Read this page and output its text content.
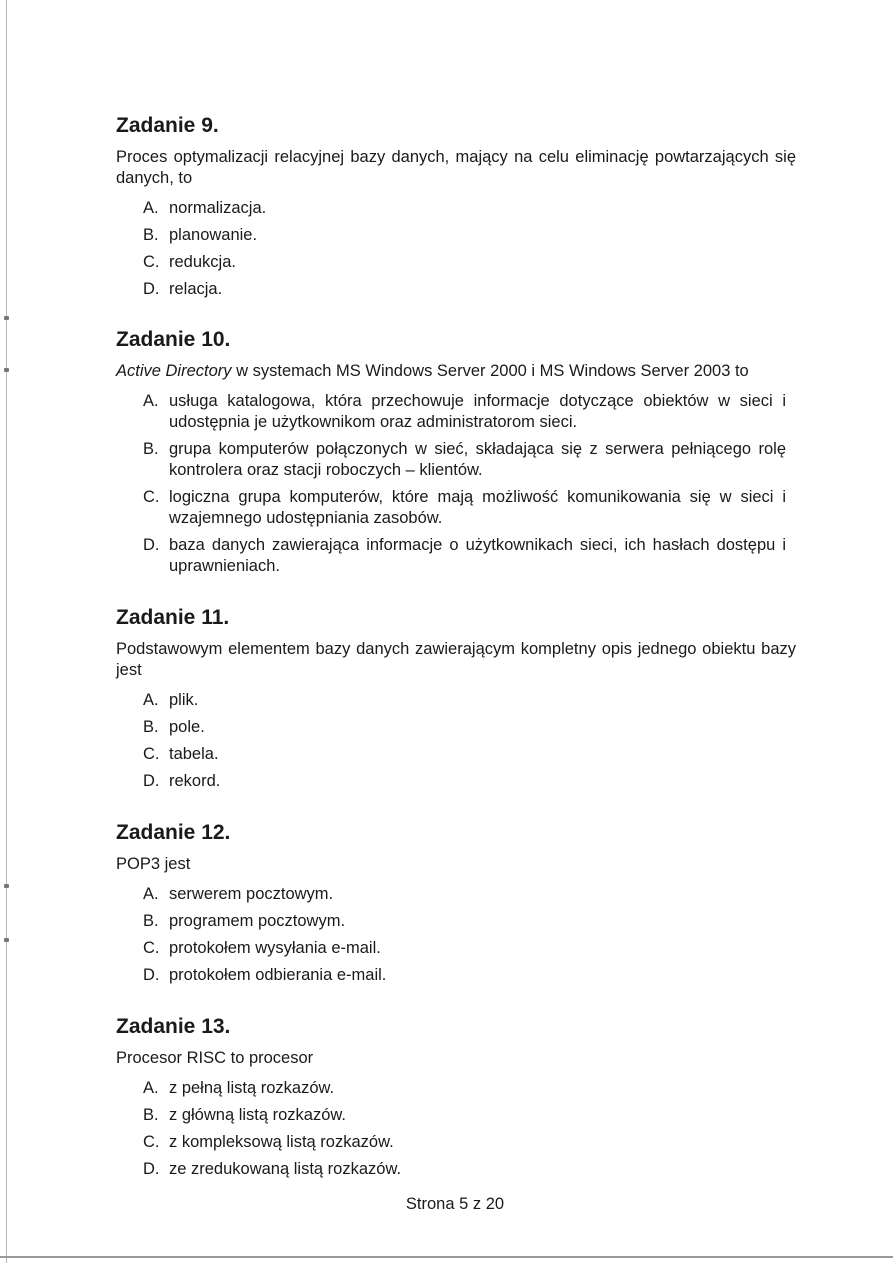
Zadanie 9.

Proces optymalizacji relacyjnej bazy danych, mający na celu eliminację powtarzających się danych, to

A. normalizacja.
B. planowanie.
C. redukcja.
D. relacja.
Zadanie 10.

Active Directory w systemach MS Windows Server 2000 i MS Windows Server 2003 to

A. usługa katalogowa, która przechowuje informacje dotyczące obiektów w sieci i udostępnia je użytkownikom oraz administratorom sieci.
B. grupa komputerów połączonych w sieć, składająca się z serwera pełniącego rolę kontrolera oraz stacji roboczych – klientów.
C. logiczna grupa komputerów, które mają możliwość komunikowania się w sieci i wzajemnego udostępniania zasobów.
D. baza danych zawierająca informacje o użytkownikach sieci, ich hasłach dostępu i uprawnieniach.
Zadanie 11.

Podstawowym elementem bazy danych zawierającym kompletny opis jednego obiektu bazy jest

A. plik.
B. pole.
C. tabela.
D. rekord.
Zadanie 12.

POP3 jest

A. serwerem pocztowym.
B. programem pocztowym.
C. protokołem wysyłania e-mail.
D. protokołem odbierania e-mail.
Zadanie 13.

Procesor RISC to procesor

A. z pełną listą rozkazów.
B. z główną listą rozkazów.
C. z kompleksową listą rozkazów.
D. ze zredukowaną listą rozkazów.
Strona 5 z 20
